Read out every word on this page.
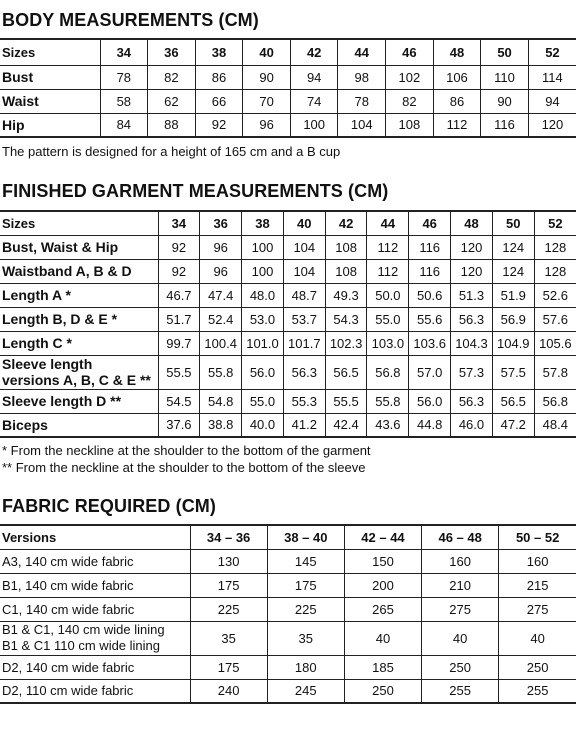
BODY MEASUREMENTS (CM)
Sizes	34	36	38	40	42	44	46	48	50	52
Bust	78	82	86	90	94	98	102	106	110	114
Waist	58	62	66	70	74	78	82	86	90	94
Hip	84	88	92	96	100	104	108	112	116	120

The pattern is designed for a height of 165 cm and a B cup

FINISHED GARMENT MEASUREMENTS (CM)
Sizes	34	36	38	40	42	44	46	48	50	52
Bust, Waist & Hip	92	96	100	104	108	112	116	120	124	128
Waistband A, B & D	92	96	100	104	108	112	116	120	124	128
Length A *	46.7	47.4	48.0	48.7	49.3	50.0	50.6	51.3	51.9	52.6
Length B, D & E *	51.7	52.4	53.0	53.7	54.3	55.0	55.6	56.3	56.9	57.6
Length C *	99.7	100.4	101.0	101.7	102.3	103.0	103.6	104.3	104.9	105.6
Sleeve length
versions A, B, C & E **	55.5	55.8	56.0	56.3	56.5	56.8	57.0	57.3	57.5	57.8
Sleeve length D **	54.5	54.8	55.0	55.3	55.5	55.8	56.0	56.3	56.5	56.8
Biceps	37.6	38.8	40.0	41.2	42.4	43.6	44.8	46.0	47.2	48.4

* From the neckline at the shoulder to the bottom of the garment

** From the neckline at the shoulder to the bottom of the sleeve

FABRIC REQUIRED (CM)
Versions	34 – 36	38 – 40	42 – 44	46 – 48	50 – 52
A3, 140 cm wide fabric	130	145	150	160	160
B1, 140 cm wide fabric	175	175	200	210	215
C1, 140 cm wide fabric	225	225	265	275	275
B1 & C1, 140 cm wide lining
B1 & C1 110 cm wide lining	35	35	40	40	40
D2, 140 cm wide fabric	175	180	185	250	250
D2, 110 cm wide fabric	240	245	250	255	255
